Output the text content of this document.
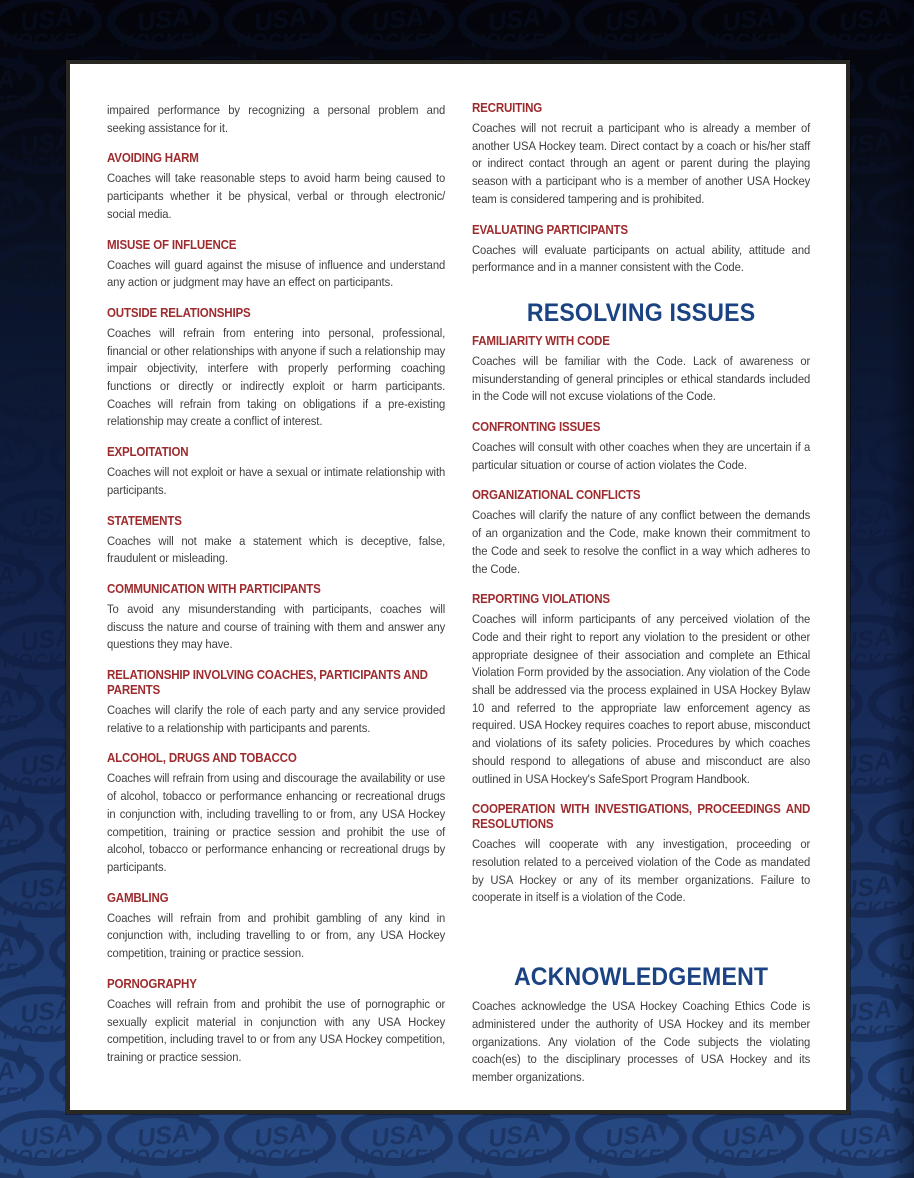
impaired performance by recognizing a personal problem and seeking assistance for it.

AVOIDING HARM

Coaches will take reasonable steps to avoid harm being caused to participants whether it be physical, verbal or through electronic/ social media.

MISUSE OF INFLUENCE

Coaches will guard against the misuse of influence and understand any action or judgment may have an effect on participants.

OUTSIDE RELATIONSHIPS

Coaches will refrain from entering into personal, professional, financial or other relationships with anyone if such a relationship may impair objectivity, interfere with properly performing coaching functions or directly or indirectly exploit or harm participants. Coaches will refrain from taking on obligations if a pre-existing relationship may create a conflict of interest.

EXPLOITATION

Coaches will not exploit or have a sexual or intimate relationship with participants.

STATEMENTS

Coaches will not make a statement which is deceptive, false, fraudulent or misleading.

COMMUNICATION WITH PARTICIPANTS

To avoid any misunderstanding with participants, coaches will discuss the nature and course of training with them and answer any questions they may have.

RELATIONSHIP INVOLVING COACHES, PARTICIPANTS AND PARENTS

Coaches will clarify the role of each party and any service provided relative to a relationship with participants and parents.

ALCOHOL, DRUGS AND TOBACCO

Coaches will refrain from using and discourage the availability or use of alcohol, tobacco or performance enhancing or recreational drugs in conjunction with, including travelling to or from, any USA Hockey competition, training or practice session and prohibit the use of alcohol, tobacco or performance enhancing or recreational drugs by participants.

GAMBLING

Coaches will refrain from and prohibit gambling of any kind in conjunction with, including travelling to or from, any USA Hockey competition, training or practice session.

PORNOGRAPHY

Coaches will refrain from and prohibit the use of pornographic or sexually explicit material in conjunction with any USA Hockey competition, including travel to or from any USA Hockey competition, training or practice session.

RECRUITING

Coaches will not recruit a participant who is already a member of another USA Hockey team. Direct contact by a coach or his/her staff or indirect contact through an agent or parent during the playing season with a participant who is a member of another USA Hockey team is considered tampering and is prohibited.

EVALUATING PARTICIPANTS

Coaches will evaluate participants on actual ability, attitude and performance and in a manner consistent with the Code.

RESOLVING ISSUES
FAMILIARITY WITH CODE

Coaches will be familiar with the Code. Lack of awareness or misunderstanding of general principles or ethical standards included in the Code will not excuse violations of the Code.

CONFRONTING ISSUES

Coaches will consult with other coaches when they are uncertain if a particular situation or course of action violates the Code.

ORGANIZATIONAL CONFLICTS

Coaches will clarify the nature of any conflict between the demands of an organization and the Code, make known their commitment to the Code and seek to resolve the conflict in a way which adheres to the Code.

REPORTING VIOLATIONS

Coaches will inform participants of any perceived violation of the Code and their right to report any violation to the president or other appropriate designee of their association and complete an Ethical Violation Form provided by the association. Any violation of the Code shall be addressed via the process explained in USA Hockey Bylaw 10 and referred to the appropriate law enforcement agency as required. USA Hockey requires coaches to report abuse, misconduct and violations of its safety policies. Procedures by which coaches should respond to allegations of abuse and misconduct are also outlined in USA Hockey's SafeSport Program Handbook.

COOPERATION WITH INVESTIGATIONS, PROCEEDINGS AND RESOLUTIONS

Coaches will cooperate with any investigation, proceeding or resolution related to a perceived violation of the Code as mandated by USA Hockey or any of its member organizations. Failure to cooperate in itself is a violation of the Code.

ACKNOWLEDGEMENT

Coaches acknowledge the USA Hockey Coaching Ethics Code is administered under the authority of USA Hockey and its member organizations. Any violation of the Code subjects the violating coach(es) to the disciplinary processes of USA Hockey and its member organizations.
